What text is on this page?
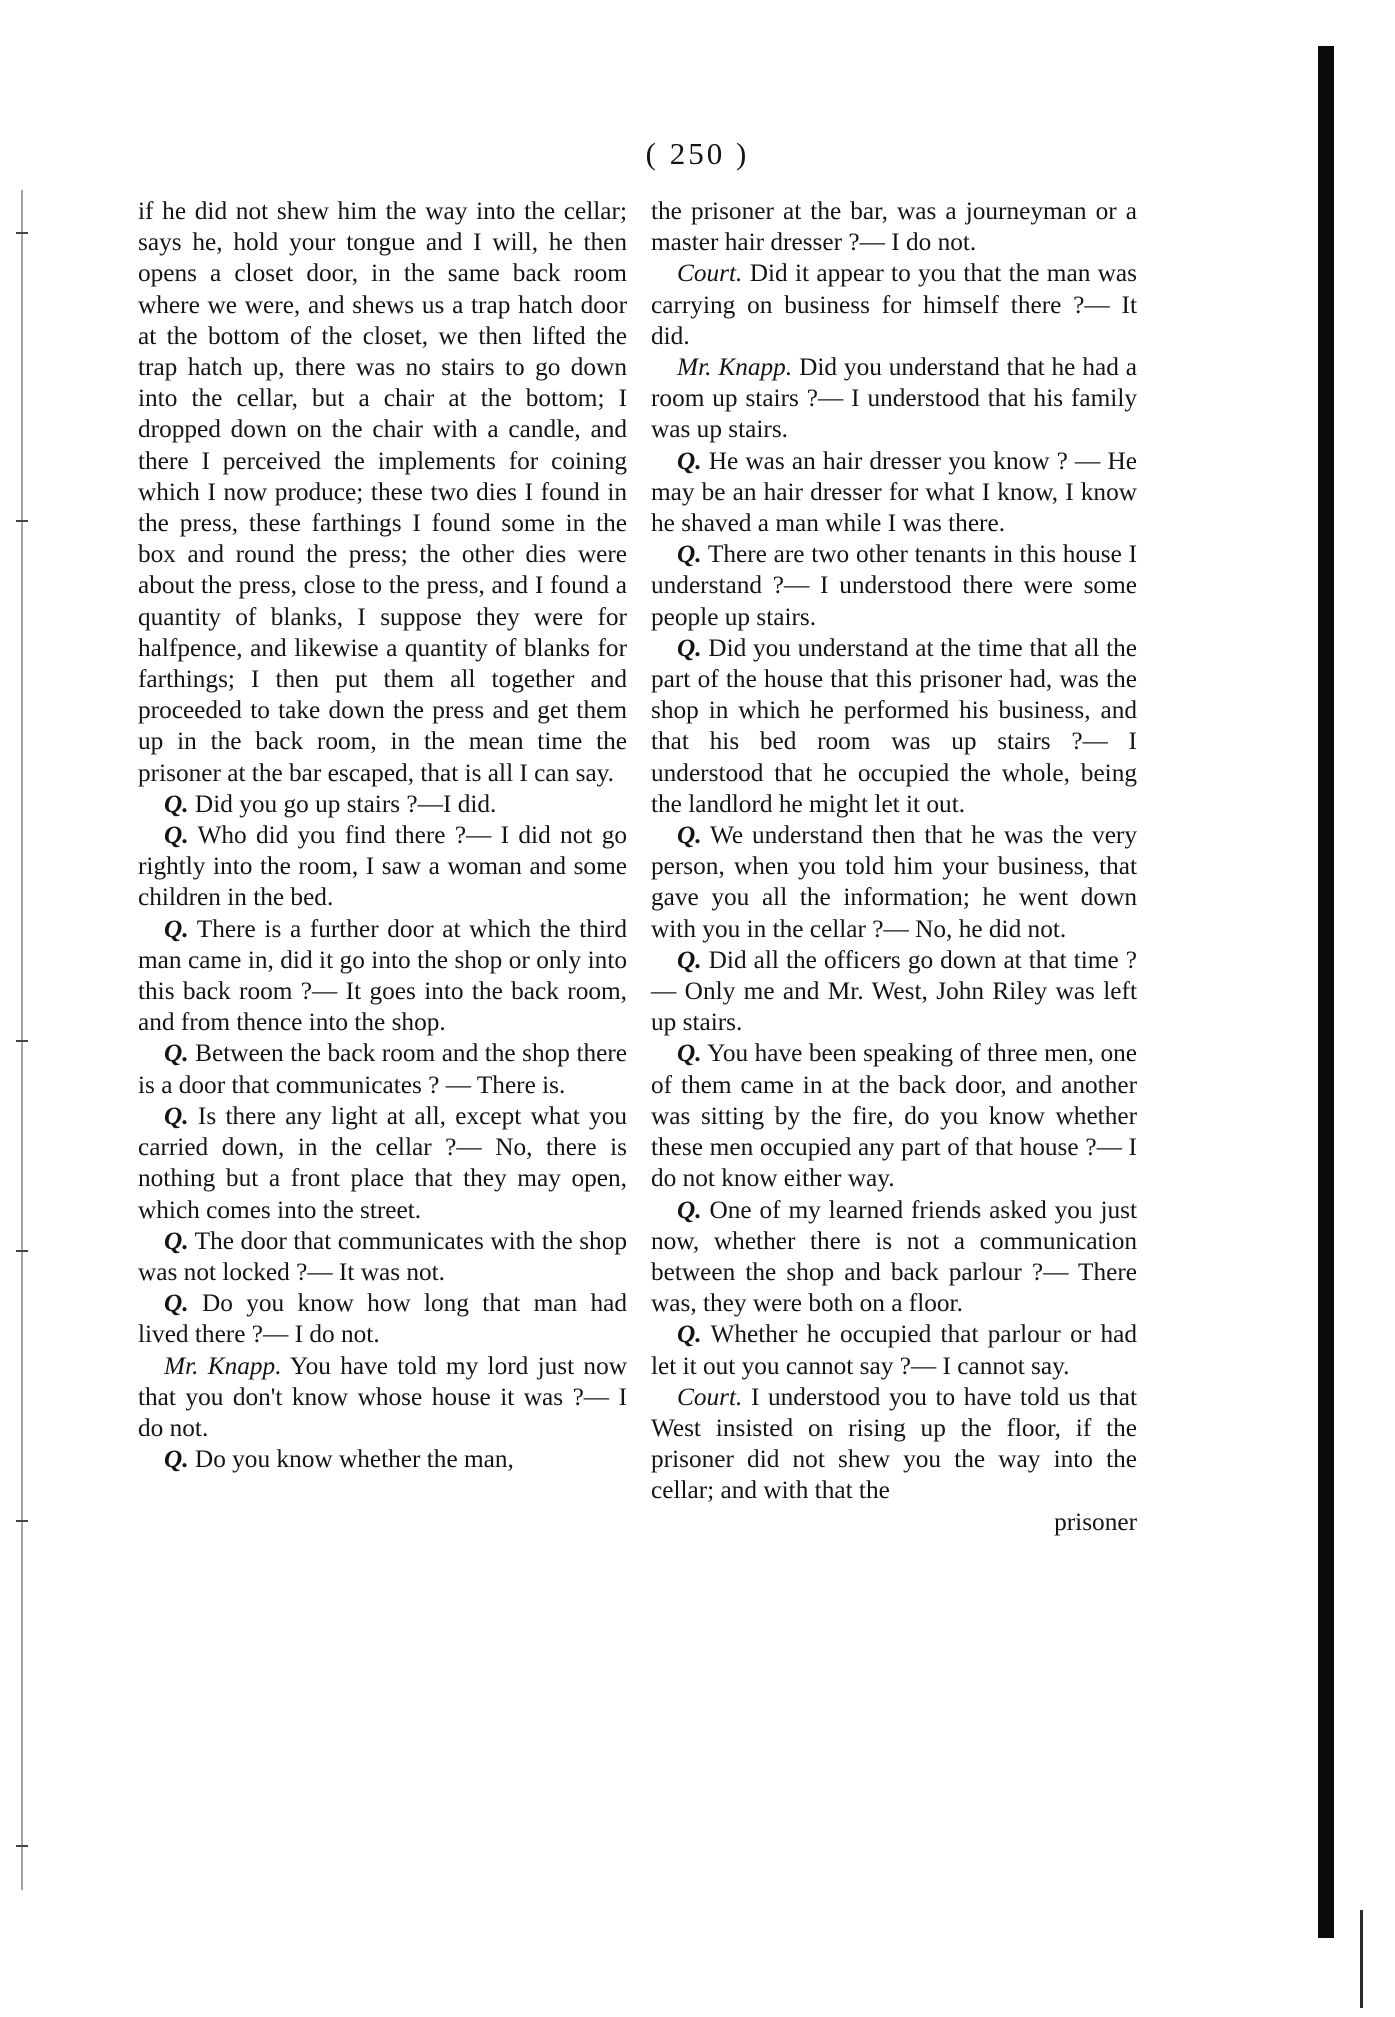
( 250 )

if he did not shew him the way into the cellar; says he, hold your tongue and I will, he then opens a closet door, in the same back room where we were, and shews us a trap hatch door at the bottom of the closet, we then lifted the trap hatch up, there was no stairs to go down into the cellar, but a chair at the bottom; I dropped down on the chair with a candle, and there I perceived the implements for coining which I now produce; these two dies I found in the press, these farthings I found some in the box and round the press; the other dies were about the press, close to the press, and I found a quantity of blanks, I suppose they were for halfpence, and likewise a quantity of blanks for farthings; I then put them all together and proceeded to take down the press and get them up in the back room, in the mean time the prisoner at the bar escaped, that is all I can say.

Q. Did you go up stairs ?—I did.

Q. Who did you find there ?— I did not go rightly into the room, I saw a woman and some children in the bed.

Q. There is a further door at which the third man came in, did it go into the shop or only into this back room ?— It goes into the back room, and from thence into the shop.

Q. Between the back room and the shop there is a door that communicates ? — There is.

Q. Is there any light at all, except what you carried down, in the cellar ?— No, there is nothing but a front place that they may open, which comes into the street.

Q. The door that communicates with the shop was not locked ?— It was not.

Q. Do you know how long that man had lived there ?— I do not.

Mr. Knapp. You have told my lord just now that you don't know whose house it was ?— I do not.

Q. Do you know whether the man,

the prisoner at the bar, was a journeyman or a master hair dresser ?— I do not.

Court. Did it appear to you that the man was carrying on business for himself there ?— It did.

Mr. Knapp. Did you understand that he had a room up stairs ?— I understood that his family was up stairs.

Q. He was an hair dresser you know ? — He may be an hair dresser for what I know, I know he shaved a man while I was there.

Q. There are two other tenants in this house I understand ?— I understood there were some people up stairs.

Q. Did you understand at the time that all the part of the house that this prisoner had, was the shop in which he performed his business, and that his bed room was up stairs ?— I understood that he occupied the whole, being the landlord he might let it out.

Q. We understand then that he was the very person, when you told him your business, that gave you all the information; he went down with you in the cellar ?— No, he did not.

Q. Did all the officers go down at that time ?— Only me and Mr. West, John Riley was left up stairs.

Q. You have been speaking of three men, one of them came in at the back door, and another was sitting by the fire, do you know whether these men occupied any part of that house ?— I do not know either way.

Q. One of my learned friends asked you just now, whether there is not a communication between the shop and back parlour ?— There was, they were both on a floor.

Q. Whether he occupied that parlour or had let it out you cannot say ?— I cannot say.

Court. I understood you to have told us that West insisted on rising up the floor, if the prisoner did not shew you the way into the cellar; and with that the

prisoner
